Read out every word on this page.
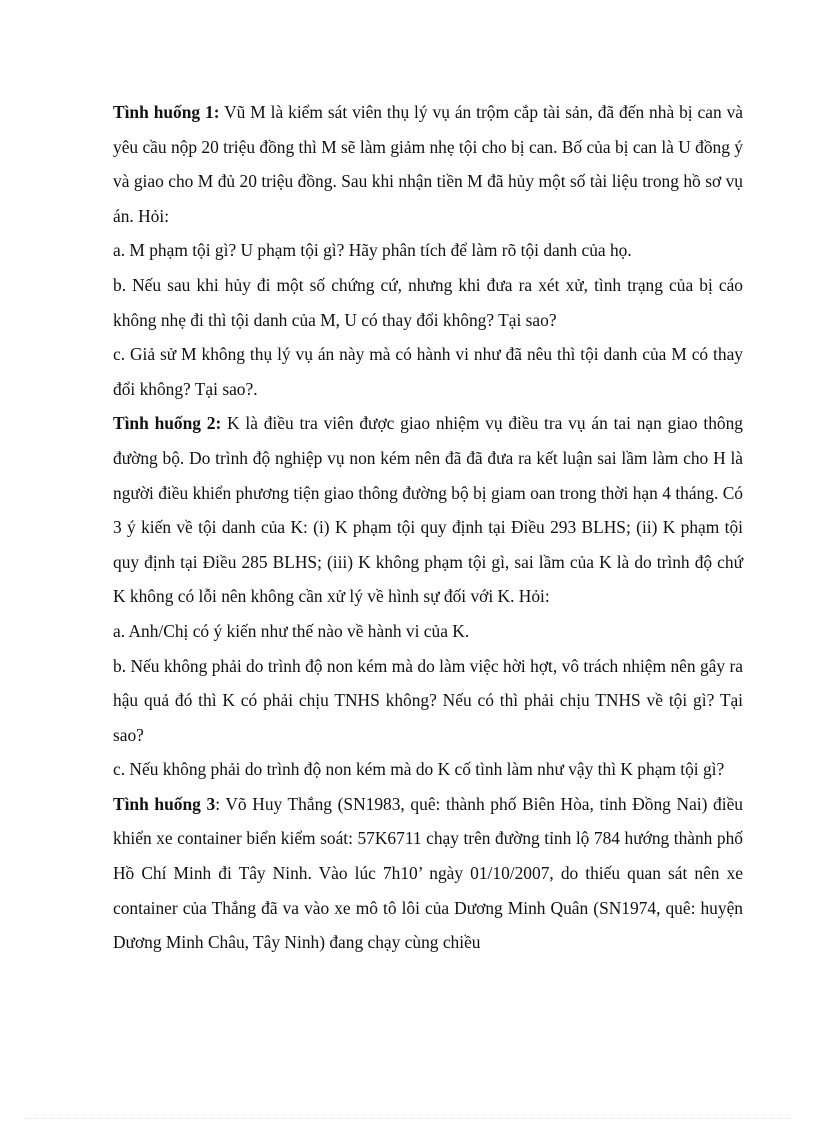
Tình huống 1: Vũ M là kiểm sát viên thụ lý vụ án trộm cắp tài sản, đã đến nhà bị can và yêu cầu nộp 20 triệu đồng thì M sẽ làm giảm nhẹ tội cho bị can. Bố của bị can là U đồng ý và giao cho M đủ 20 triệu đồng. Sau khi nhận tiền M đã hủy một số tài liệu trong hồ sơ vụ án. Hỏi:

a. M phạm tội gì? U phạm tội gì? Hãy phân tích để làm rõ tội danh của họ.

b. Nếu sau khi hủy đi một số chứng cứ, nhưng khi đưa ra xét xử, tình trạng của bị cáo không nhẹ đi thì tội danh của M, U có thay đổi không? Tại sao?

c. Giả sử M không thụ lý vụ án này mà có hành vi như đã nêu thì tội danh của M có thay đổi không? Tại sao?.

Tình huống 2: K là điều tra viên được giao nhiệm vụ điều tra vụ án tai nạn giao thông đường bộ. Do trình độ nghiệp vụ non kém nên đã đã đưa ra kết luận sai lầm làm cho H là người điều khiển phương tiện giao thông đường bộ bị giam oan trong thời hạn 4 tháng. Có 3 ý kiến về tội danh của K: (i) K phạm tội quy định tại Điều 293 BLHS; (ii) K phạm tội quy định tại Điều 285 BLHS; (iii) K không phạm tội gì, sai lầm của K là do trình độ chứ K không có lỗi nên không cần xử lý về hình sự đối với K. Hỏi:

a. Anh/Chị có ý kiến như thế nào về hành vi của K.

b. Nếu không phải do trình độ non kém mà do làm việc hời hợt, vô trách nhiệm nên gây ra hậu quả đó thì K có phải chịu TNHS không? Nếu có thì phải chịu TNHS về tội gì? Tại sao?

c. Nếu không phải do trình độ non kém mà do K cố tình làm như vậy thì K phạm tội gì?

Tình huống 3: Võ Huy Thắng (SN1983, quê: thành phố Biên Hòa, tỉnh Đồng Nai) điều khiển xe container biển kiểm soát: 57K6711 chạy trên đường tỉnh lộ 784 hướng thành phố Hồ Chí Minh đi Tây Ninh. Vào lúc 7h10’ ngày 01/10/2007, do thiếu quan sát nên xe container của Thắng đã va vào xe mô tô lôi của Dương Minh Quân (SN1974, quê: huyện Dương Minh Châu, Tây Ninh) đang chạy cùng chiều
